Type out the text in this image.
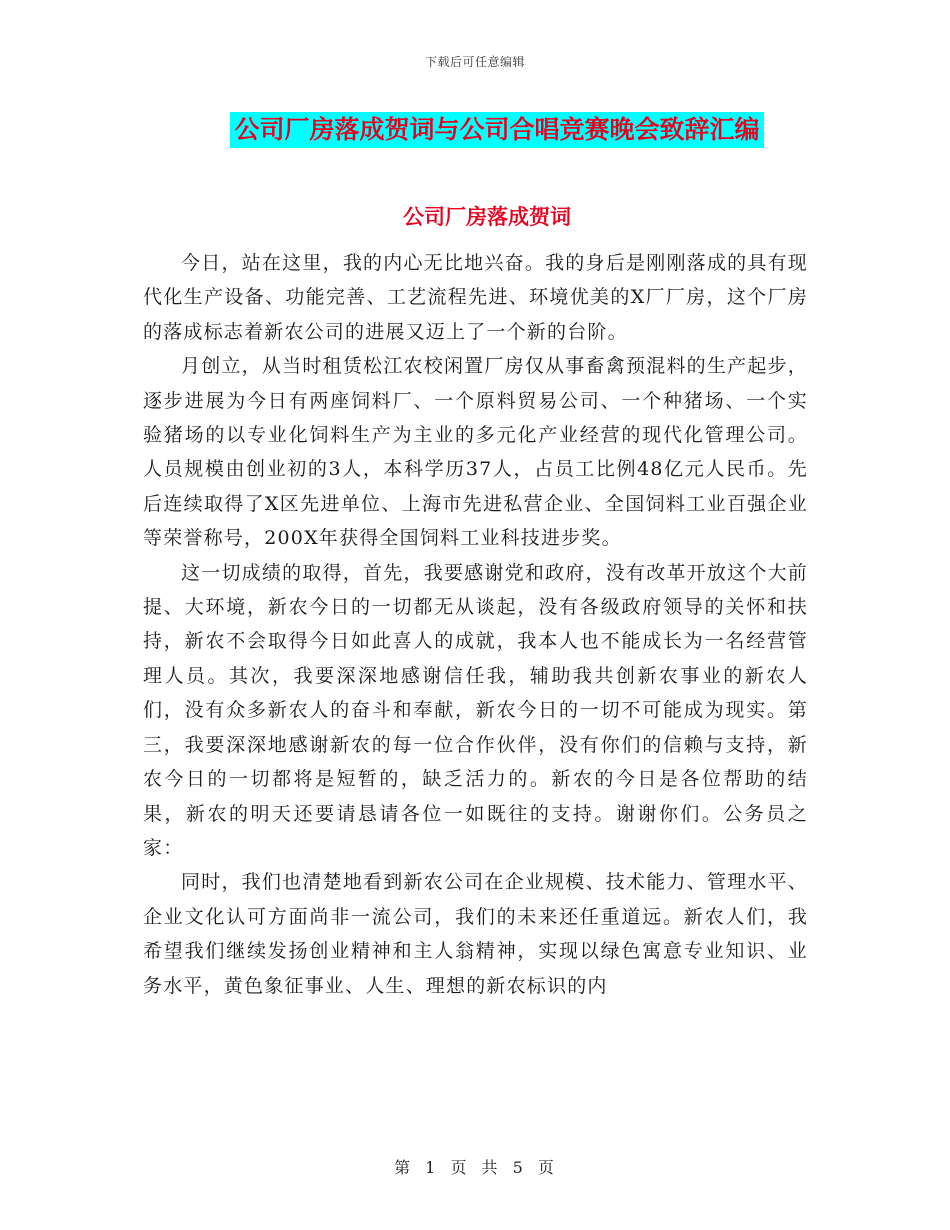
下载后可任意编辑
公司厂房落成贺词与公司合唱竞赛晚会致辞汇编
公司厂房落成贺词

今日，站在这里，我的内心无比地兴奋。我的身后是刚刚落成的具有现代化生产设备、功能完善、工艺流程先进、环境优美的X厂厂房，这个厂房的落成标志着新农公司的进展又迈上了一个新的台阶。

月创立，从当时租赁松江农校闲置厂房仅从事畜禽预混料的生产起步，逐步进展为今日有两座饲料厂、一个原料贸易公司、一个种猪场、一个实验猪场的以专业化饲料生产为主业的多元化产业经营的现代化管理公司。人员规模由创业初的3人，本科学历37人，占员工比例48亿元人民币。先后连续取得了X区先进单位、上海市先进私营企业、全国饲料工业百强企业等荣誉称号，200X年获得全国饲料工业科技进步奖。

这一切成绩的取得，首先，我要感谢党和政府，没有改革开放这个大前提、大环境，新农今日的一切都无从谈起，没有各级政府领导的关怀和扶持，新农不会取得今日如此喜人的成就，我本人也不能成长为一名经营管理人员。其次，我要深深地感谢信任我，辅助我共创新农事业的新农人们，没有众多新农人的奋斗和奉献，新农今日的一切不可能成为现实。第三，我要深深地感谢新农的每一位合作伙伴，没有你们的信赖与支持，新农今日的一切都将是短暂的，缺乏活力的。新农的今日是各位帮助的结果，新农的明天还要请恳请各位一如既往的支持。谢谢你们。公务员之家：

同时，我们也清楚地看到新农公司在企业规模、技术能力、管理水平、企业文化认可方面尚非一流公司，我们的未来还任重道远。新农人们，我希望我们继续发扬创业精神和主人翁精神，实现以绿色寓意专业知识、业务水平，黄色象征事业、人生、理想的新农标识的内

第 1 页 共 5 页
